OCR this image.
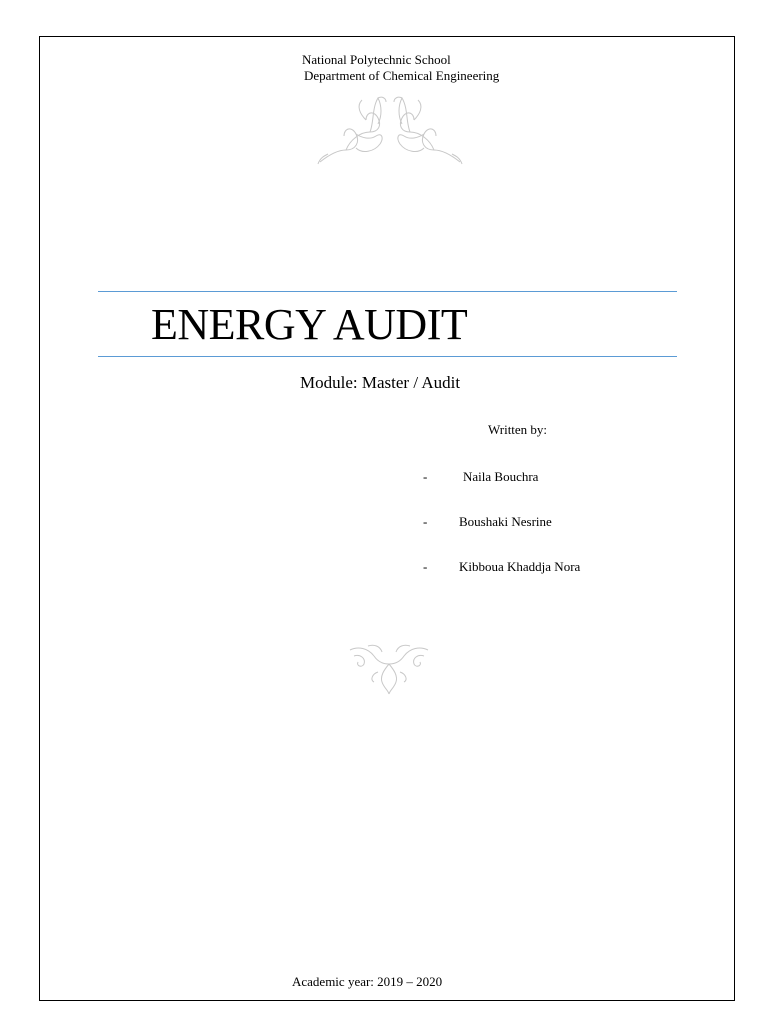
National Polytechnic School
Department of Chemical Engineering
ENERGY AUDIT
Module: Master / Audit
Written by:
-	Naila Bouchra
- Boushaki Nesrine
- Kibboua Khaddja Nora
Academic year: 2019 – 2020
